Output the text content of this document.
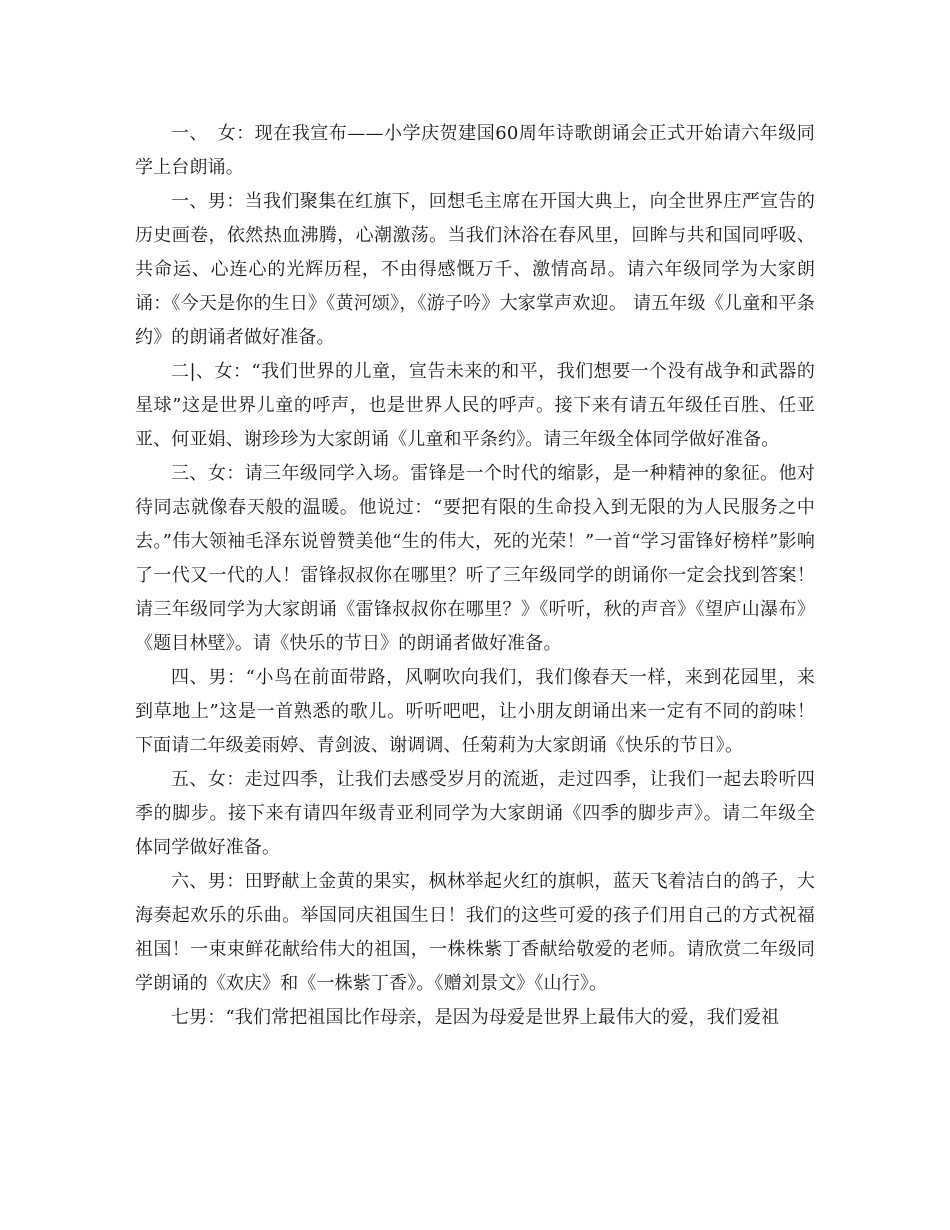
一、　女：现在我宣布——小学庆贺建国60周年诗歌朗诵会正式开始请六年级同学上台朗诵。

一、男：当我们聚集在红旗下，回想毛主席在开国大典上，向全世界庄严宣告的历史画卷，依然热血沸腾，心潮激荡。当我们沐浴在春风里，回眸与共和国同呼吸、共命运、心连心的光辉历程，不由得感慨万千、激情高昂。请六年级同学为大家朗诵：《今天是你的生日》《黄河颂》，《游子吟》大家掌声欢迎。 请五年级《儿童和平条约》的朗诵者做好准备。

二|、女：“我们世界的儿童，宣告未来的和平，我们想要一个没有战争和武器的星球”这是世界儿童的呼声，也是世界人民的呼声。接下来有请五年级任百胜、任亚亚、何亚娟、谢珍珍为大家朗诵《儿童和平条约》。请三年级全体同学做好准备。

三、女：请三年级同学入场。雷锋是一个时代的缩影，是一种精神的象征。他对待同志就像春天般的温暖。他说过：“要把有限的生命投入到无限的为人民服务之中去。”伟大领袖毛泽东说曾赞美他“生的伟大，死的光荣！”一首“学习雷锋好榜样”影响了一代又一代的人！雷锋叔叔你在哪里？听了三年级同学的朗诵你一定会找到答案！请三年级同学为大家朗诵《雷锋叔叔你在哪里？》《听听，秋的声音》《望庐山瀑布》《题目林壁》。请《快乐的节日》的朗诵者做好准备。

四、男：“小鸟在前面带路，风啊吹向我们，我们像春天一样，来到花园里，来到草地上”这是一首熟悉的歌儿。听听吧吧，让小朋友朗诵出来一定有不同的韵味！下面请二年级姜雨婷、青剑波、谢调调、任菊莉为大家朗诵《快乐的节日》。

五、女：走过四季，让我们去感受岁月的流逝，走过四季，让我们一起去聆听四季的脚步。接下来有请四年级青亚利同学为大家朗诵《四季的脚步声》。请二年级全体同学做好准备。

六、男：田野献上金黄的果实，枫林举起火红的旗帜，蓝天飞着洁白的鸽子，大海奏起欢乐的乐曲。举国同庆祖国生日！我们的这些可爱的孩子们用自己的方式祝福祖国！一束束鲜花献给伟大的祖国，一株株紫丁香献给敬爱的老师。请欣赏二年级同学朗诵的《欢庆》和《一株紫丁香》。《赠刘景文》《山行》。

七男：“我们常把祖国比作母亲，是因为母爱是世界上最伟大的爱，我们爱祖
